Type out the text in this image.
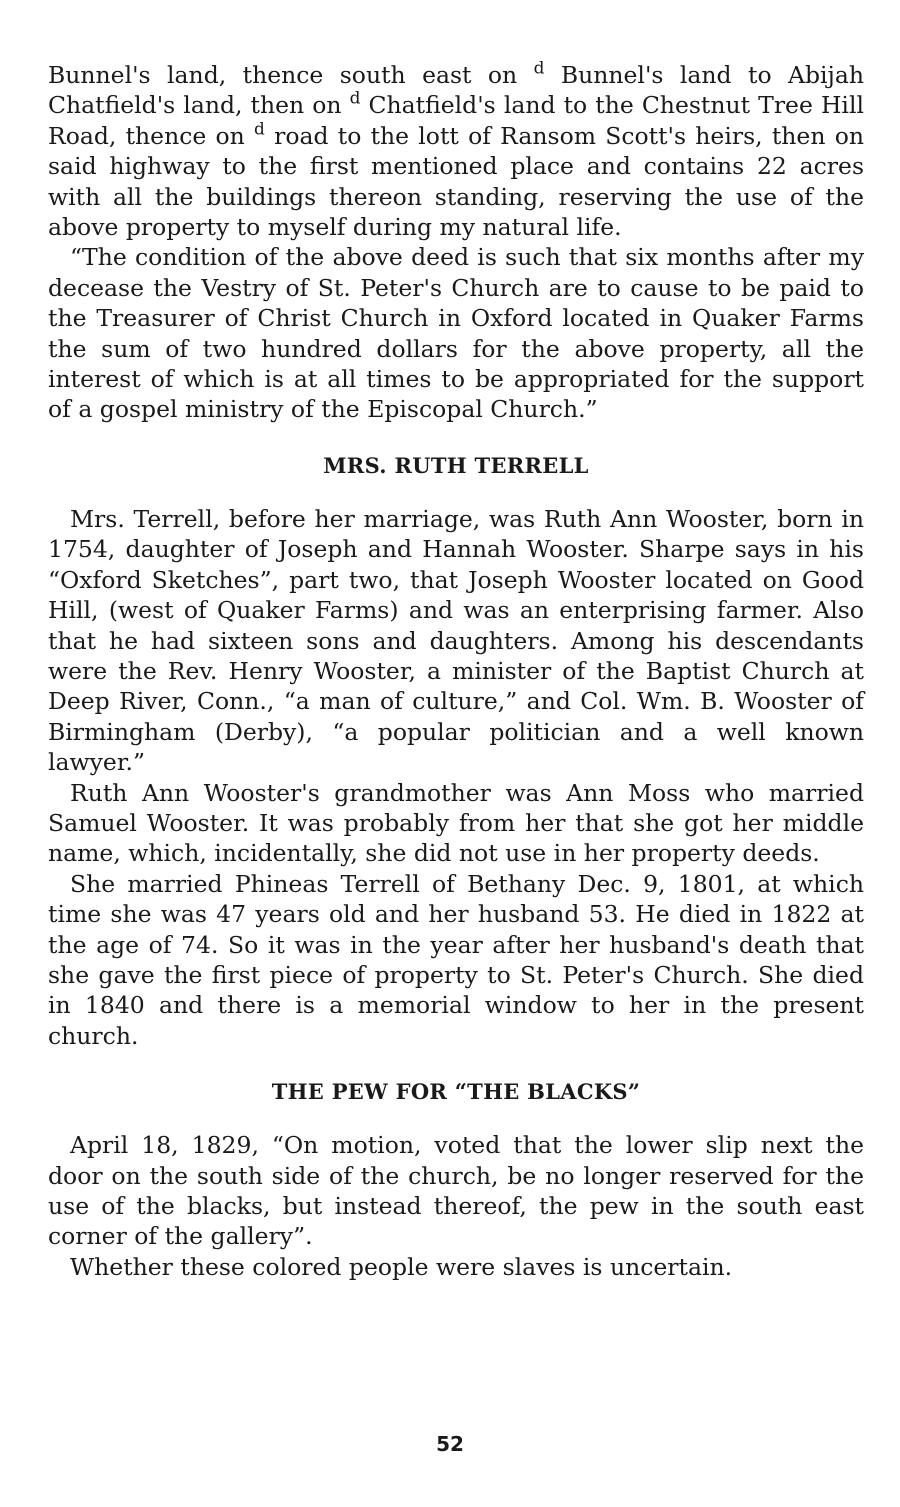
Bunnel's land, thence south east on $^d$ Bunnel's land to Abijah Chatfield's land, then on $^d$ Chatfield's land to the Chestnut Tree Hill Road, thence on $^d$ road to the lott of Ransom Scott's heirs, then on said highway to the first mentioned place and contains 22 acres with all the buildings thereon standing, reserving the use of the above property to myself during my natural life.

“The condition of the above deed is such that six months after my decease the Vestry of St. Peter's Church are to cause to be paid to the Treasurer of Christ Church in Oxford located in Quaker Farms the sum of two hundred dollars for the above property, all the interest of which is at all times to be appropriated for the support of a gospel ministry of the Episcopal Church.”

MRS. RUTH TERRELL

Mrs. Terrell, before her marriage, was Ruth Ann Wooster, born in 1754, daughter of Joseph and Hannah Wooster. Sharpe says in his “Oxford Sketches”, part two, that Joseph Wooster located on Good Hill, (west of Quaker Farms) and was an enterprising farmer. Also that he had sixteen sons and daughters. Among his descendants were the Rev. Henry Wooster, a minister of the Baptist Church at Deep River, Conn., “a man of culture,” and Col. Wm. B. Wooster of Birmingham (Derby), “a popular politician and a well known lawyer.”

Ruth Ann Wooster's grandmother was Ann Moss who married Samuel Wooster. It was probably from her that she got her middle name, which, incidentally, she did not use in her property deeds.

She married Phineas Terrell of Bethany Dec. 9, 1801, at which time she was 47 years old and her husband 53. He died in 1822 at the age of 74. So it was in the year after her husband's death that she gave the first piece of property to St. Peter's Church. She died in 1840 and there is a memorial window to her in the present church.

THE PEW FOR “THE BLACKS”

April 18, 1829, “On motion, voted that the lower slip next the door on the south side of the church, be no longer reserved for the use of the blacks, but instead thereof, the pew in the south east corner of the gallery”.

Whether these colored people were slaves is uncertain.

52
